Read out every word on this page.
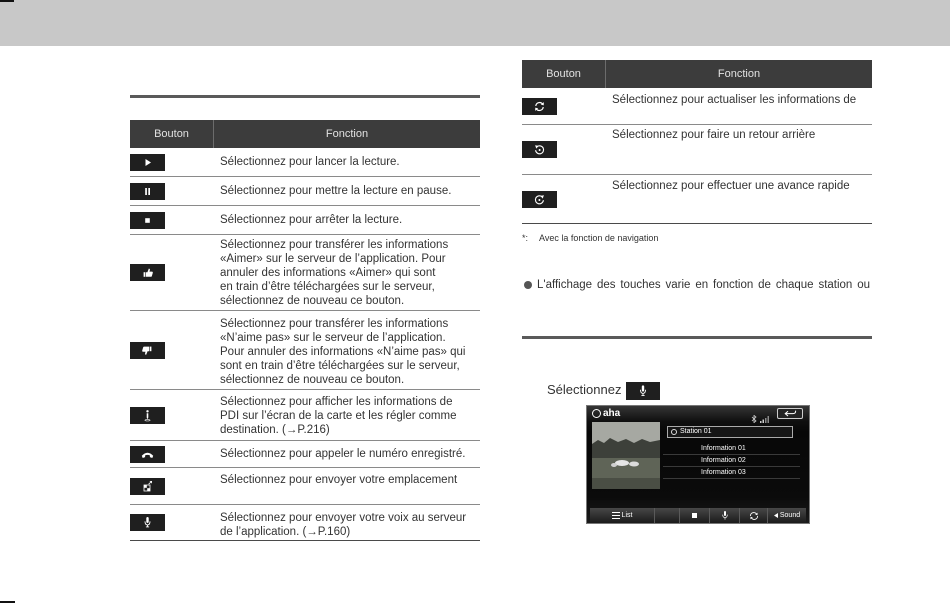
Bouton	Fonction
Sélectionnez pour lancer la lecture.
Sélectionnez pour mettre la lecture en pause.
Sélectionnez pour arrêter la lecture.
Sélectionnez pour transférer les informations
«Aimer» sur le serveur de l’application. Pour
annuler des informations «Aimer» qui sont
en train d’être téléchargées sur le serveur,
sélectionnez de nouveau ce bouton.
Sélectionnez pour transférer les informations
«N’aime pas» sur le serveur de l’application.
Pour annuler des informations «N’aime pas» qui
sont en train d’être téléchargées sur le serveur,
sélectionnez de nouveau ce bouton.
Sélectionnez pour afficher les informations de
PDI sur l’écran de la carte et les régler comme
destination. (→P.216)
Sélectionnez pour appeler le numéro enregistré.
Sélectionnez pour envoyer votre emplacement
Sélectionnez pour envoyer votre voix au serveur
de l’application. (→P.160)
Bouton	Fonction
Sélectionnez pour actualiser les informations de
Sélectionnez pour faire un retour arrière
Sélectionnez pour effectuer une avance rapide
*: Avec la fonction de navigation
L'affichage des touches varie en fonction de chaque station ou
Sélectionnez
aha
Station 01
Information 01
Information 02
Information 03
List	Sound
